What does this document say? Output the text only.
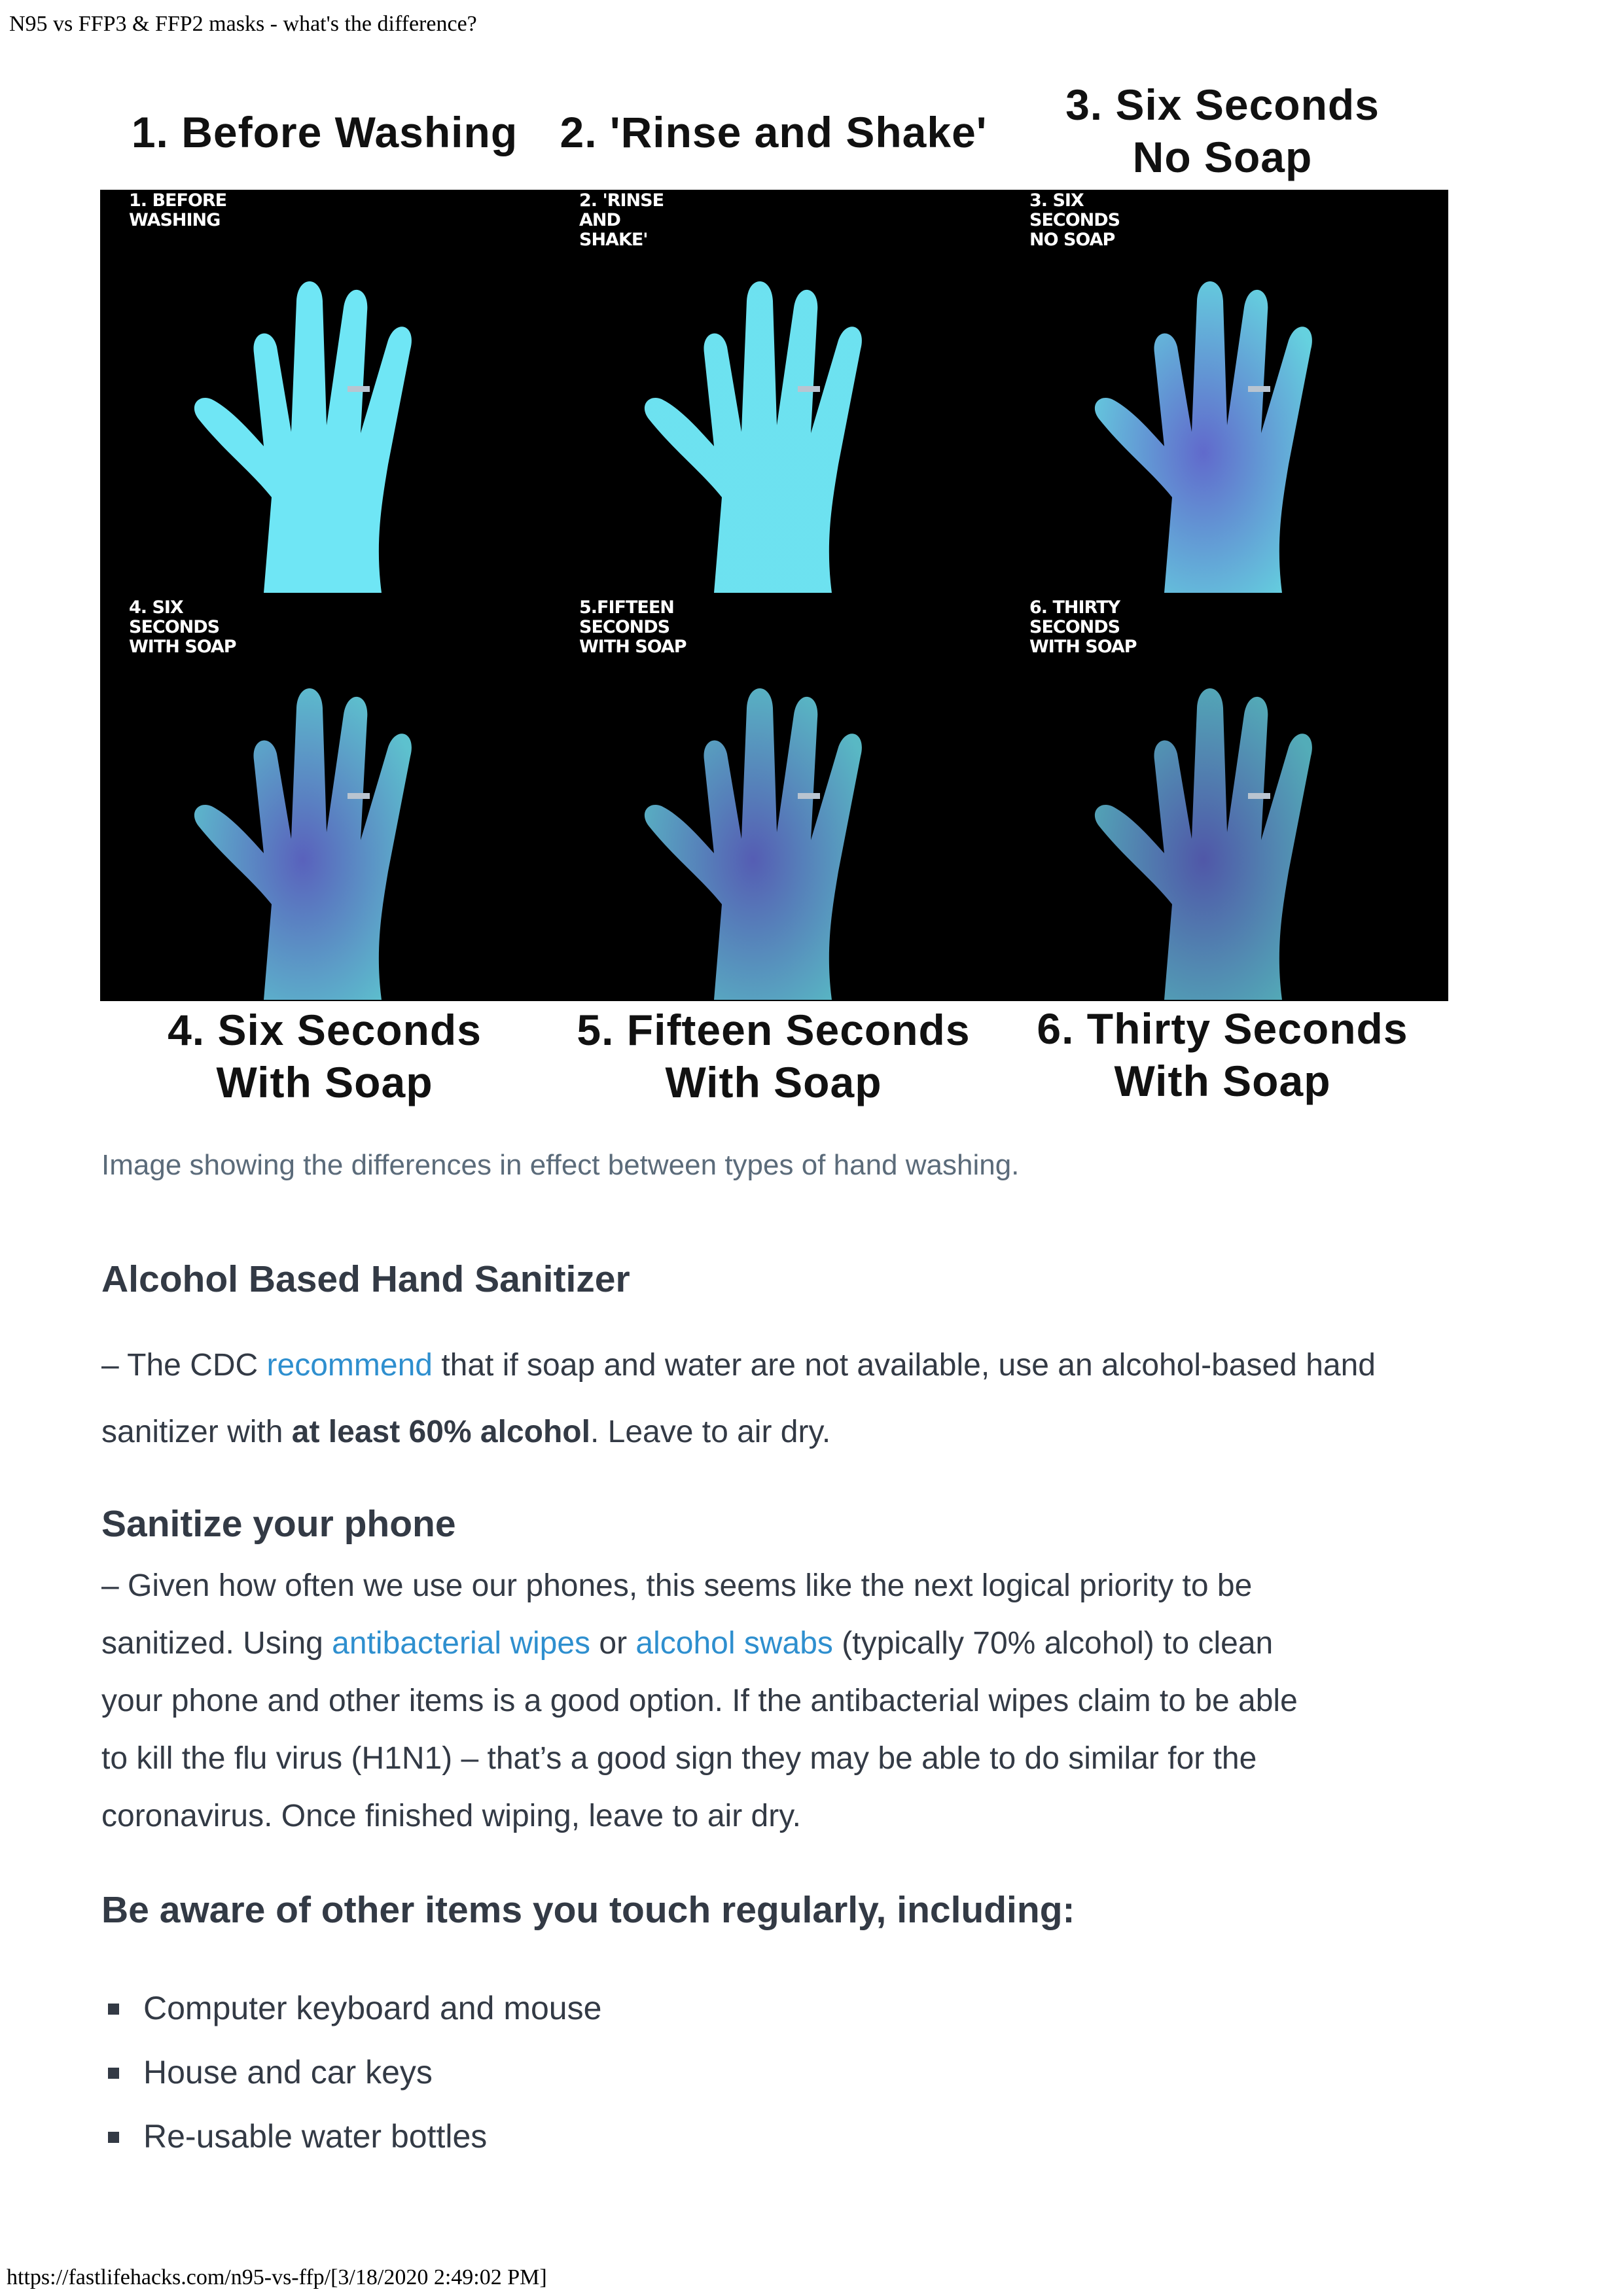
N95 vs FFP3 & FFP2 masks - what's the difference?
1. Before Washing 2. 'Rinse and Shake'
3. Six Seconds
No Soap
1. BEFORE
WASHING
2. 'RINSE
AND
SHAKE'
3. SIX
SECONDS
NO SOAP
4. SIX
SECONDS
WITH SOAP
5.FIFTEEN
SECONDS
WITH SOAP
6. THIRTY
SECONDS
WITH SOAP
4. Six Seconds
With Soap
5. Fifteen Seconds
With Soap
6. Thirty Seconds
With Soap
Image showing the differences in effect between types of hand washing.
Alcohol Based Hand Sanitizer
– The CDC recommend that if soap and water are not available, use an alcohol-based hand
sanitizer with at least 60% alcohol. Leave to air dry.
Sanitize your phone
– Given how often we use our phones, this seems like the next logical priority to be
sanitized. Using antibacterial wipes or alcohol swabs (typically 70% alcohol) to clean
your phone and other items is a good option. If the antibacterial wipes claim to be able
to kill the flu virus (H1N1) – that’s a good sign they may be able to do similar for the
coronavirus. Once finished wiping, leave to air dry.
Be aware of other items you touch regularly, including:
Computer keyboard and mouse
House and car keys
Re-usable water bottles
https://fastlifehacks.com/n95-vs-ffp/[3/18/2020 2:49:02 PM]
